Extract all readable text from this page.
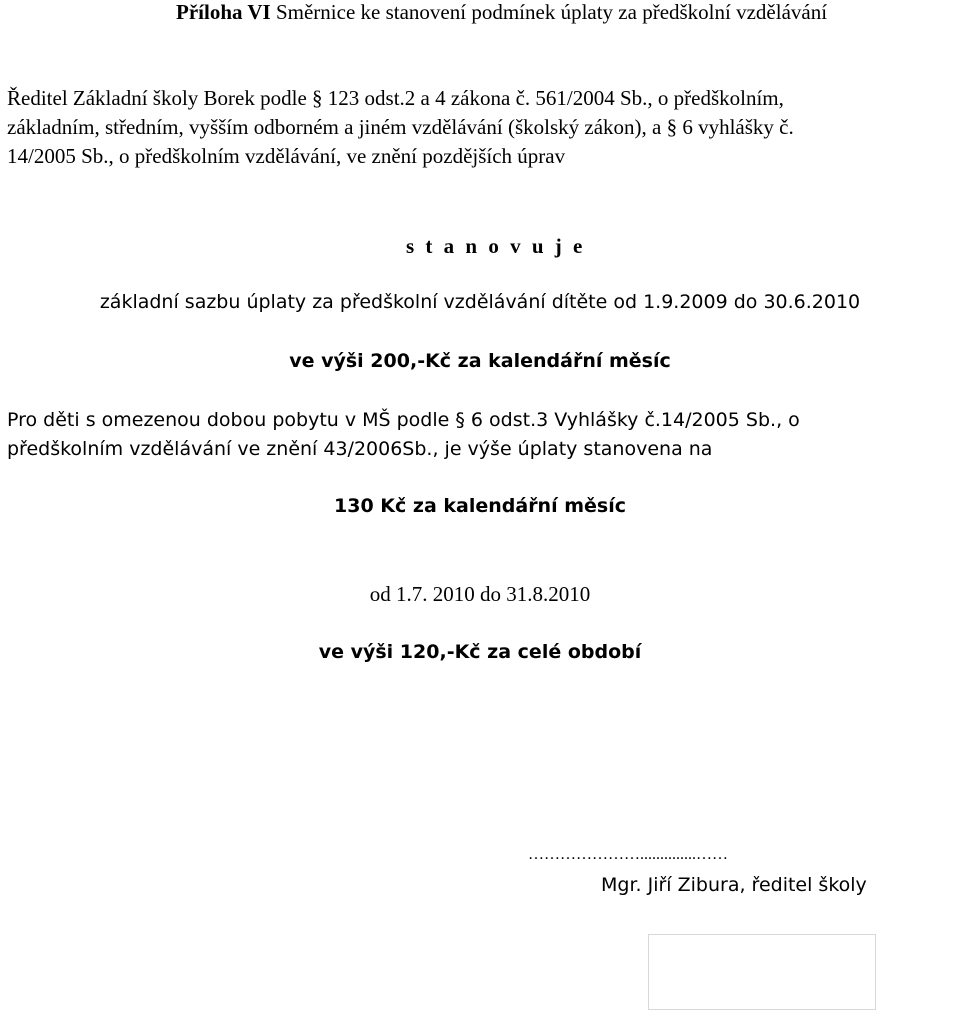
Příloha VI Směrnice ke stanovení podmínek úplaty za předškolní vzdělávání
Ředitel Základní školy Borek podle § 123 odst.2 a 4 zákona č. 561/2004 Sb., o předškolním,
základním, středním, vyšším odborném a jiném vzdělávání (školský zákon), a § 6 vyhlášky č.
14/2005 Sb., o předškolním vzdělávání, ve znění pozdějších úprav
s t a n o v u j e
základní sazbu úplaty za předškolní vzdělávání dítěte od 1.9.2009 do 30.6.2010
ve výši 200,-Kč za kalendářní měsíc
Pro děti s omezenou dobou pobytu v MŠ podle § 6 odst.3 Vyhlášky č.14/2005 Sb., o
předškolním vzdělávání ve znění 43/2006Sb., je výše úplaty stanovena na
130 Kč za kalendářní měsíc
od 1.7. 2010 do 31.8.2010
ve výši 120,-Kč za celé období
…………………..............……
Mgr. Jiří Zibura, ředitel školy
